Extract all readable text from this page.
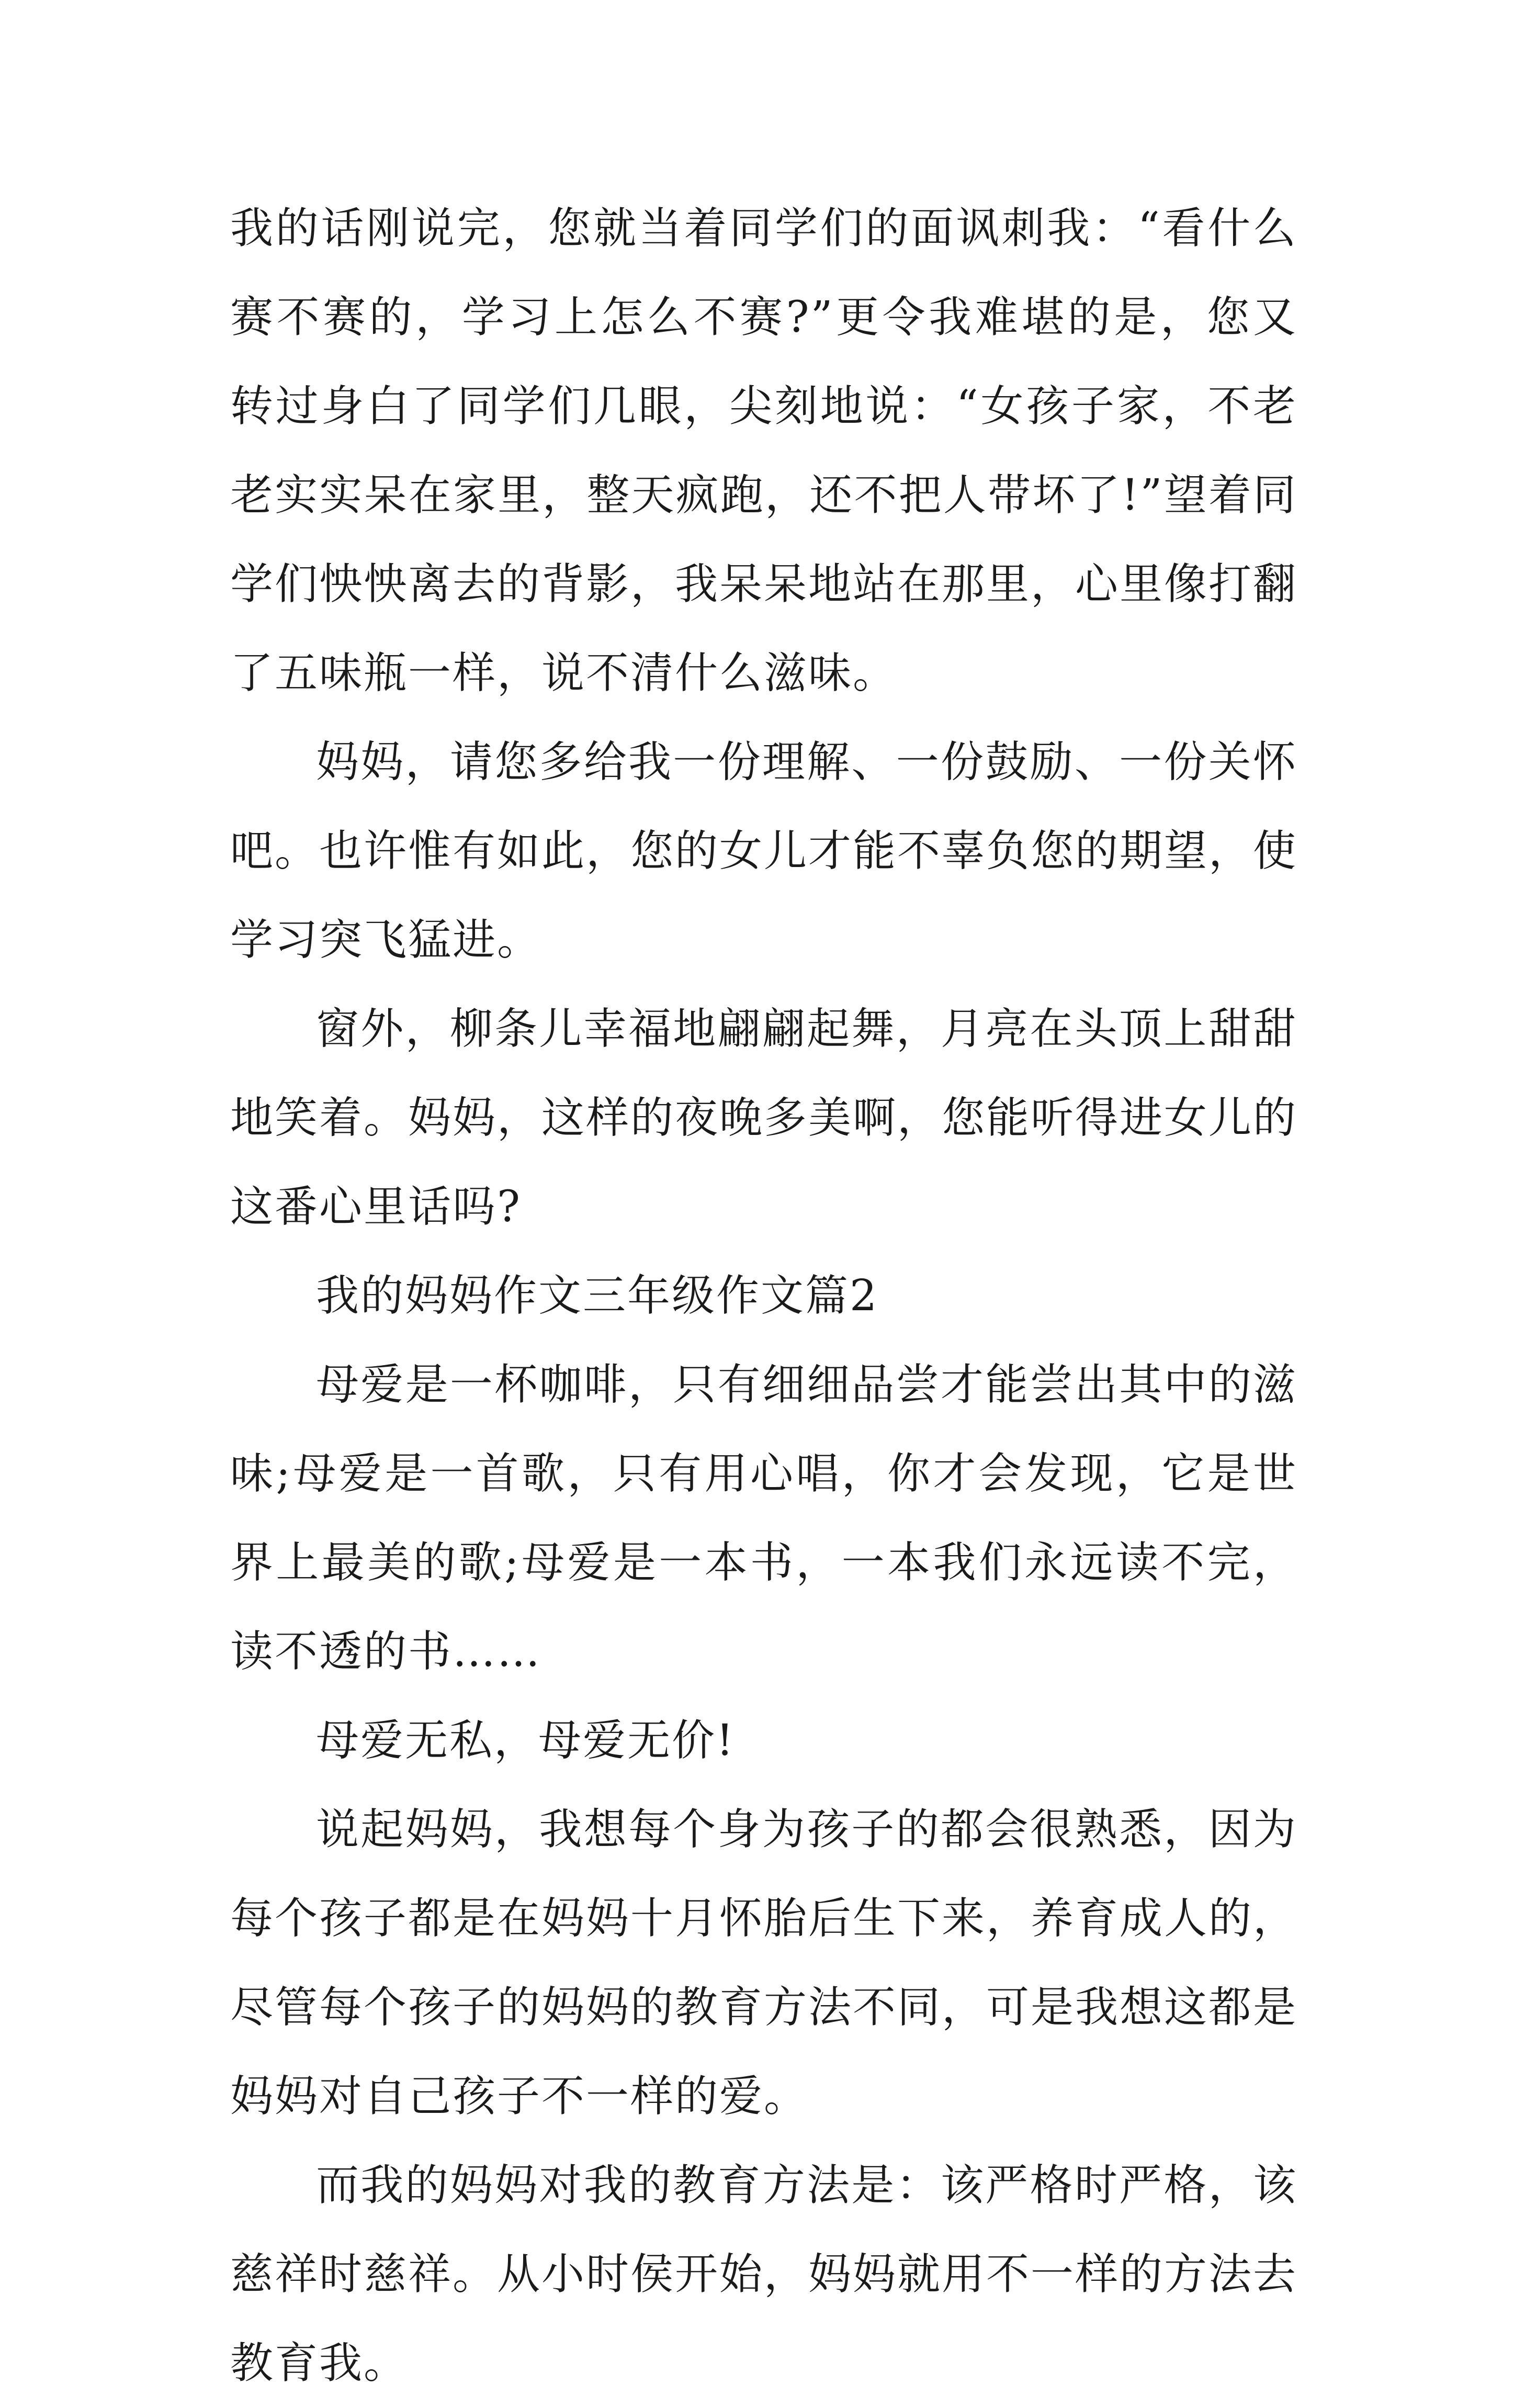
我的话刚说完，您就当着同学们的面讽刺我：“看什么赛不赛的，学习上怎么不赛?”更令我难堪的是，您又转过身白了同学们几眼，尖刻地说：“女孩子家，不老老实实呆在家里，整天疯跑，还不把人带坏了!”望着同学们怏怏离去的背影，我呆呆地站在那里，心里像打翻了五味瓶一样，说不清什么滋味。

妈妈，请您多给我一份理解、一份鼓励、一份关怀吧。也许惟有如此，您的女儿才能不辜负您的期望，使学习突飞猛进。

窗外，柳条儿幸福地翩翩起舞，月亮在头顶上甜甜地笑着。妈妈，这样的夜晚多美啊，您能听得进女儿的这番心里话吗?

我的妈妈作文三年级作文篇2

母爱是一杯咖啡，只有细细品尝才能尝出其中的滋味;母爱是一首歌，只有用心唱，你才会发现，它是世界上最美的歌;母爱是一本书，一本我们永远读不完，读不透的书……

母爱无私，母爱无价!

说起妈妈，我想每个身为孩子的都会很熟悉，因为每个孩子都是在妈妈十月怀胎后生下来，养育成人的，尽管每个孩子的妈妈的教育方法不同，可是我想这都是妈妈对自己孩子不一样的爱。

而我的妈妈对我的教育方法是：该严格时严格，该慈祥时慈祥。从小时侯开始，妈妈就用不一样的方法去教育我。
